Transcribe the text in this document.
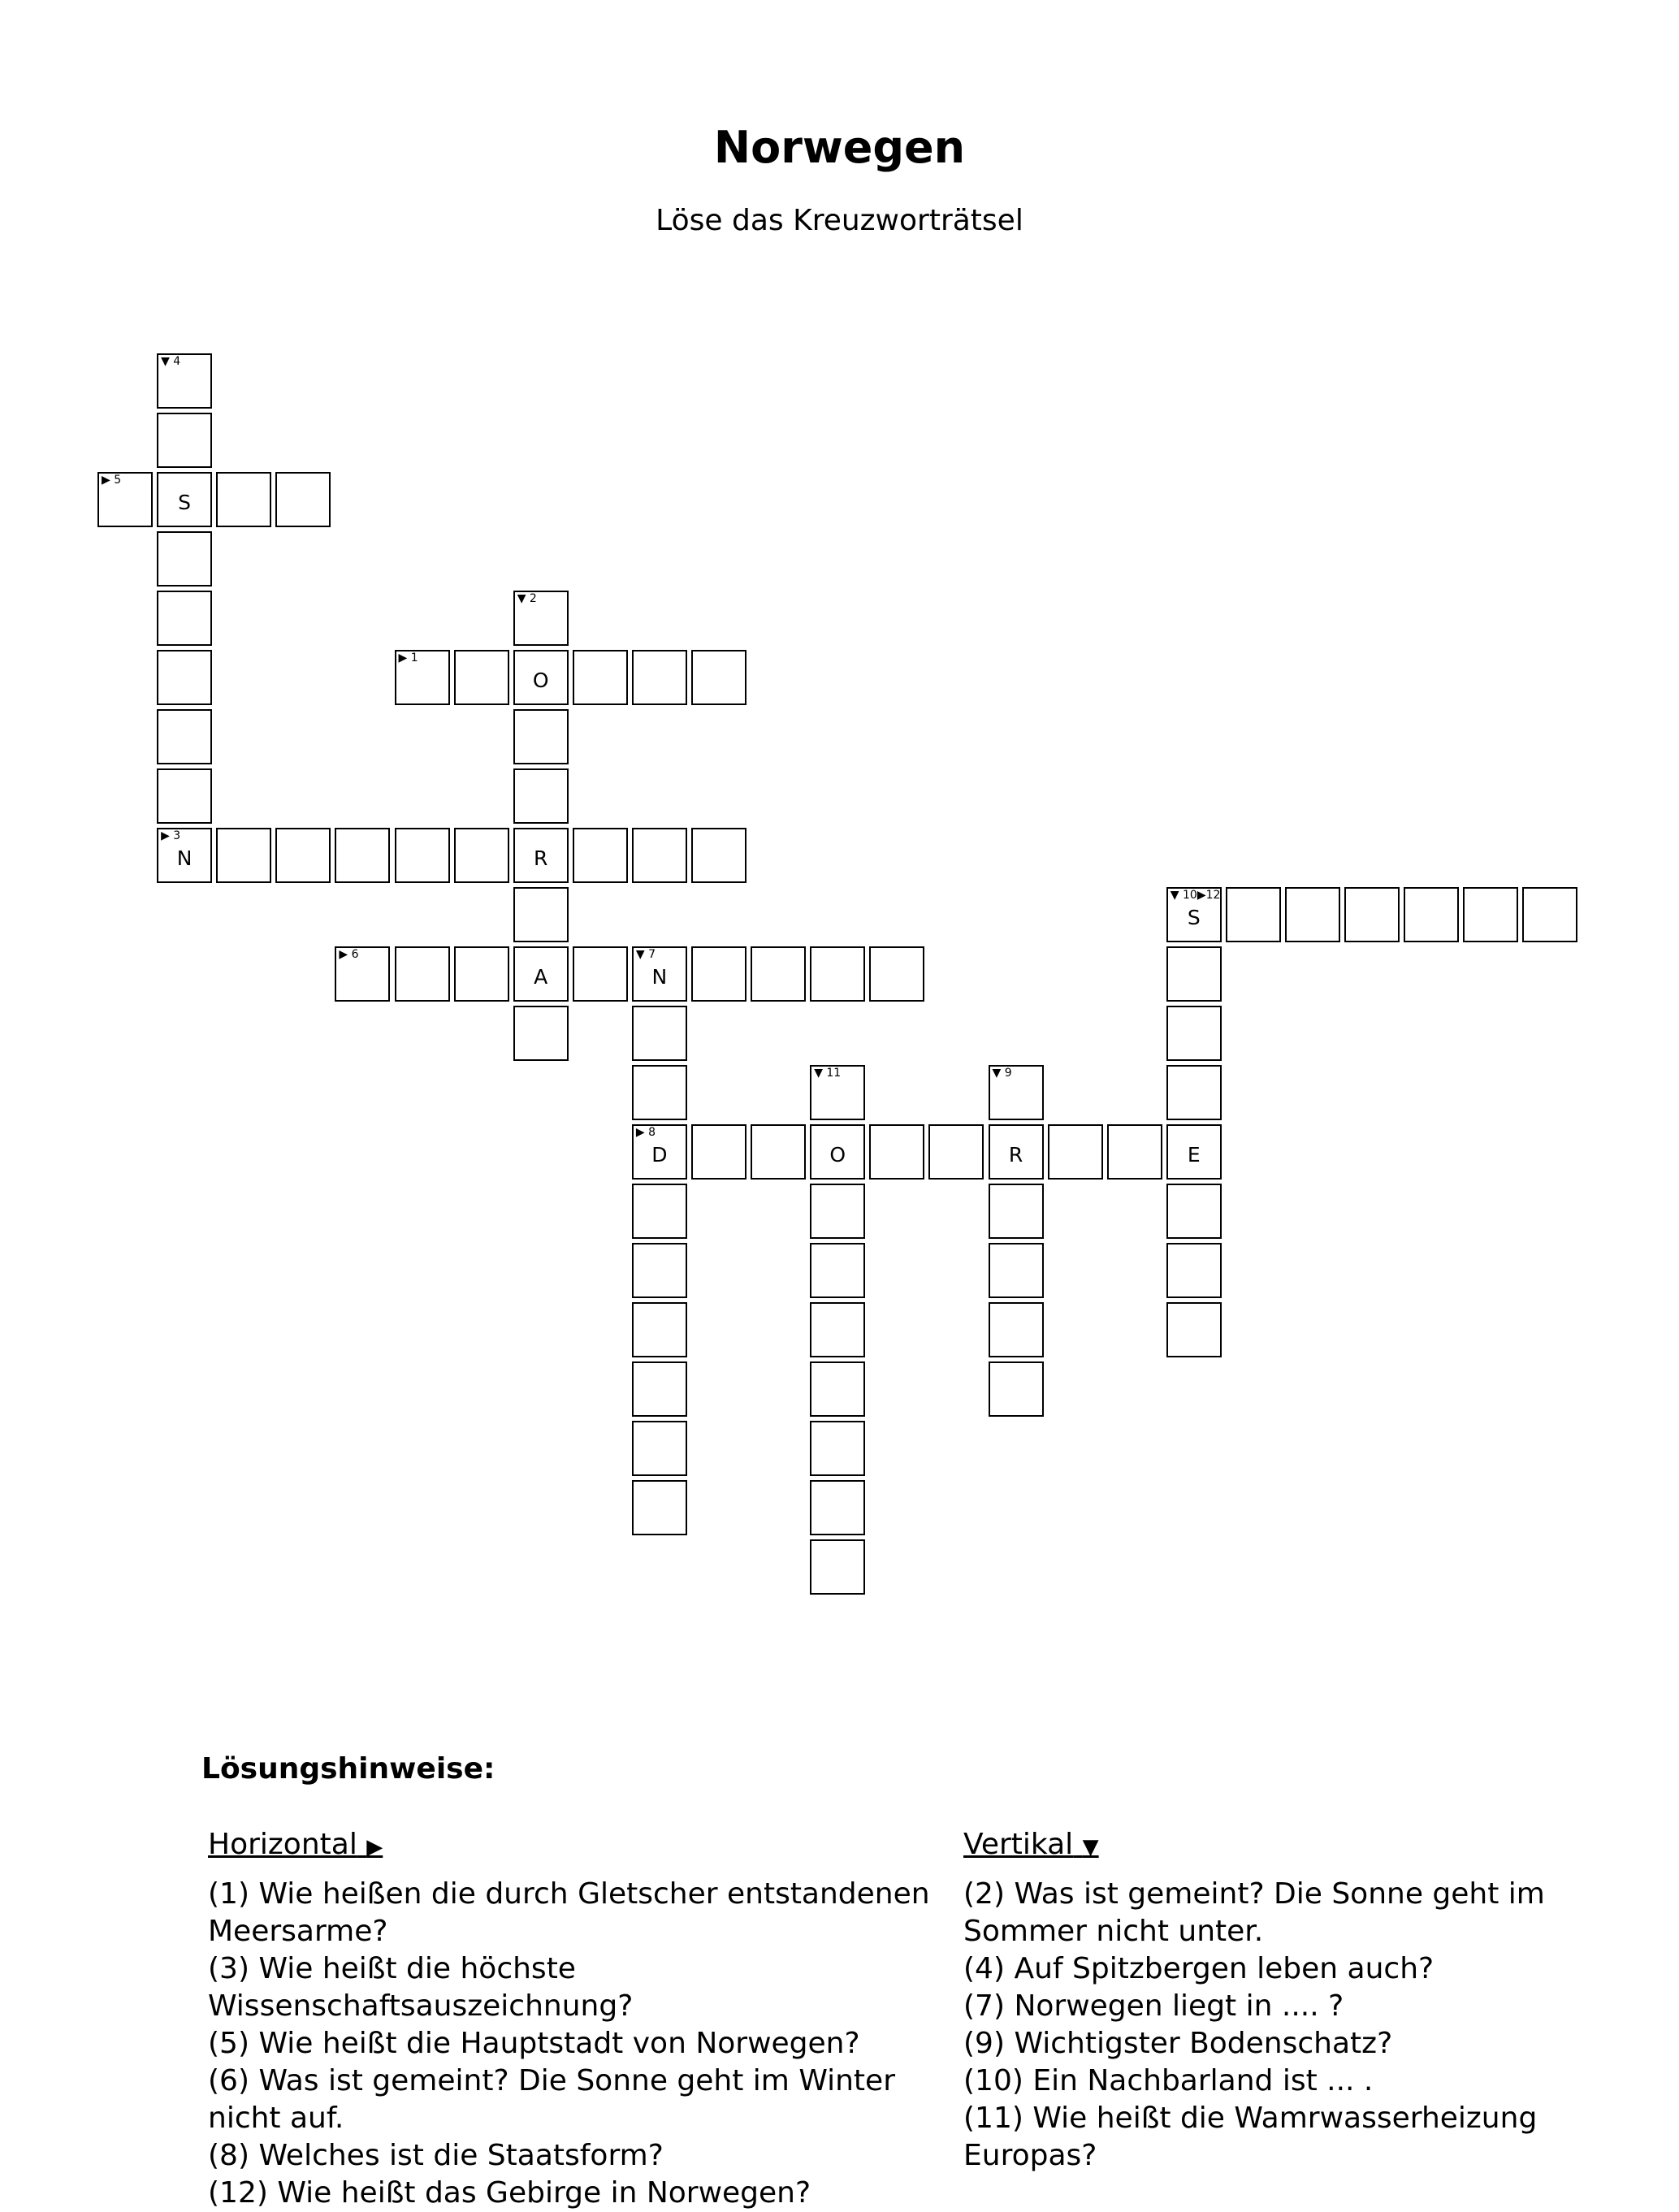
Norwegen
Löse das Kreuzworträtsel
▶ 1
O
▼ 2
R
A
▶ 3
N
▼ 4
S
▶ 5
▶ 6	▼ 7
N
▶ 8
D	O	R	E
▼ 9
▼ 10▶12
S
▼ 11
Lösungshinweise:
Horizontal ▶

(1) Wie heißen die durch Gletscher entstandenen Meersarme?

(3) Wie heißt die höchste Wissenschaftsauszeichnung?

(5) Wie heißt die Hauptstadt von Norwegen?

(6) Was ist gemeint? Die Sonne geht im Winter nicht auf.

(8) Welches ist die Staatsform?

(12) Wie heißt das Gebirge in Norwegen?

Vertikal ▼

(2) Was ist gemeint? Die Sonne geht im Sommer nicht unter.

(4) Auf Spitzbergen leben auch?

(7) Norwegen liegt in .... ?

(9) Wichtigster Bodenschatz?

(10) Ein Nachbarland ist ... .

(11) Wie heißt die Wamrwasserheizung Europas?
